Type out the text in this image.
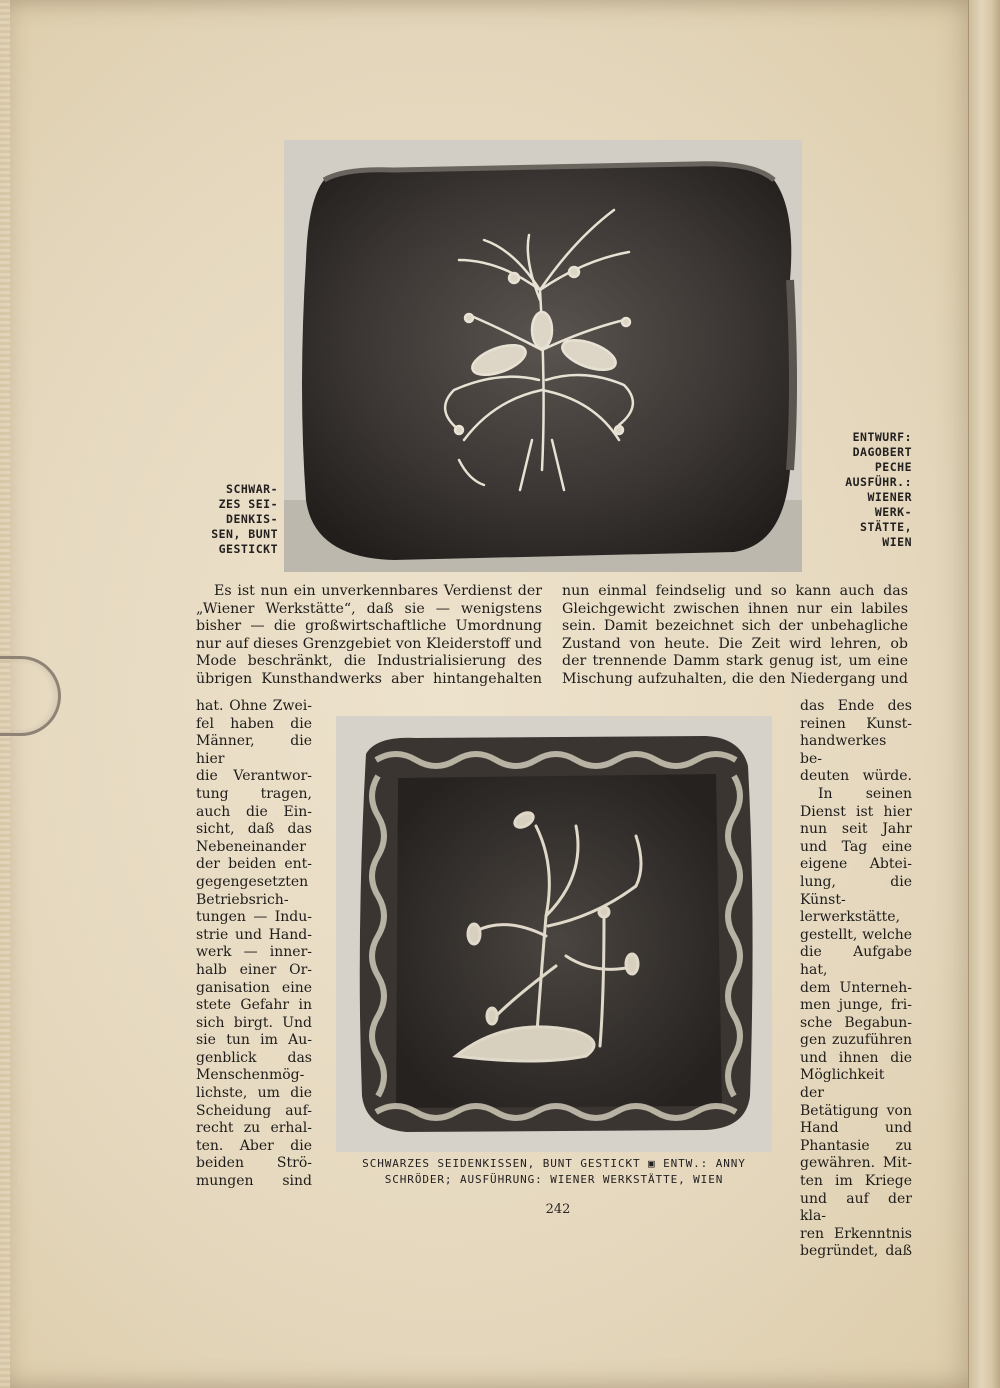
SCHWAR-
ZES SEI-
DENKIS-
SEN, BUNT
GESTICKT
ENTWURF:
DAGOBERT
PECHE
AUSFÜHR.:
WIENER
WERK-
STÄTTE,
WIEN
Es ist nun ein unverkennbares Verdienst der
„Wiener Werkstätte“, daß sie — wenigstens
bisher — die großwirtschaftliche Umordnung
nur auf dieses Grenzgebiet von Kleiderstoff und
Mode beschränkt, die Industrialisierung des
übrigen Kunsthandwerks aber hintangehalten
nun einmal feindselig und so kann auch das
Gleichgewicht zwischen ihnen nur ein labiles
sein. Damit bezeichnet sich der unbehagliche
Zustand von heute. Die Zeit wird lehren, ob
der trennende Damm stark genug ist, um eine
Mischung aufzuhalten, die den Niedergang und
hat. Ohne Zwei-
fel haben die
Männer, die hier
die Verantwor-
tung tragen,
auch die Ein-
sicht, daß das
Nebeneinander
der beiden ent-
gegengesetzten
Betriebsrich-
tungen — Indu-
strie und Hand-
werk — inner-
halb einer Or-
ganisation eine
stete Gefahr in
sich birgt. Und
sie tun im Au-
genblick das
Menschenmög-
lichste, um die
Scheidung auf-
recht zu erhal-
ten. Aber die
beiden Strö-
mungen sind
das Ende des
reinen Kunst-
handwerkes be-
deuten würde.
In seinen
Dienst ist hier
nun seit Jahr
und Tag eine
eigene Abtei-
lung, die Künst-
lerwerkstätte,
gestellt, welche
die Aufgabe hat,
dem Unterneh-
men junge, fri-
sche Begabun-
gen zuzuführen
und ihnen die
Möglichkeit der
Betätigung von
Hand und
Phantasie zu
gewähren. Mit-
ten im Kriege
und auf der kla-
ren Erkenntnis
begründet, daß
SCHWARZES SEIDENKISSEN, BUNT GESTICKT ▣ ENTW.: ANNY
SCHRÖDER; AUSFÜHRUNG: WIENER WERKSTÄTTE, WIEN
242
